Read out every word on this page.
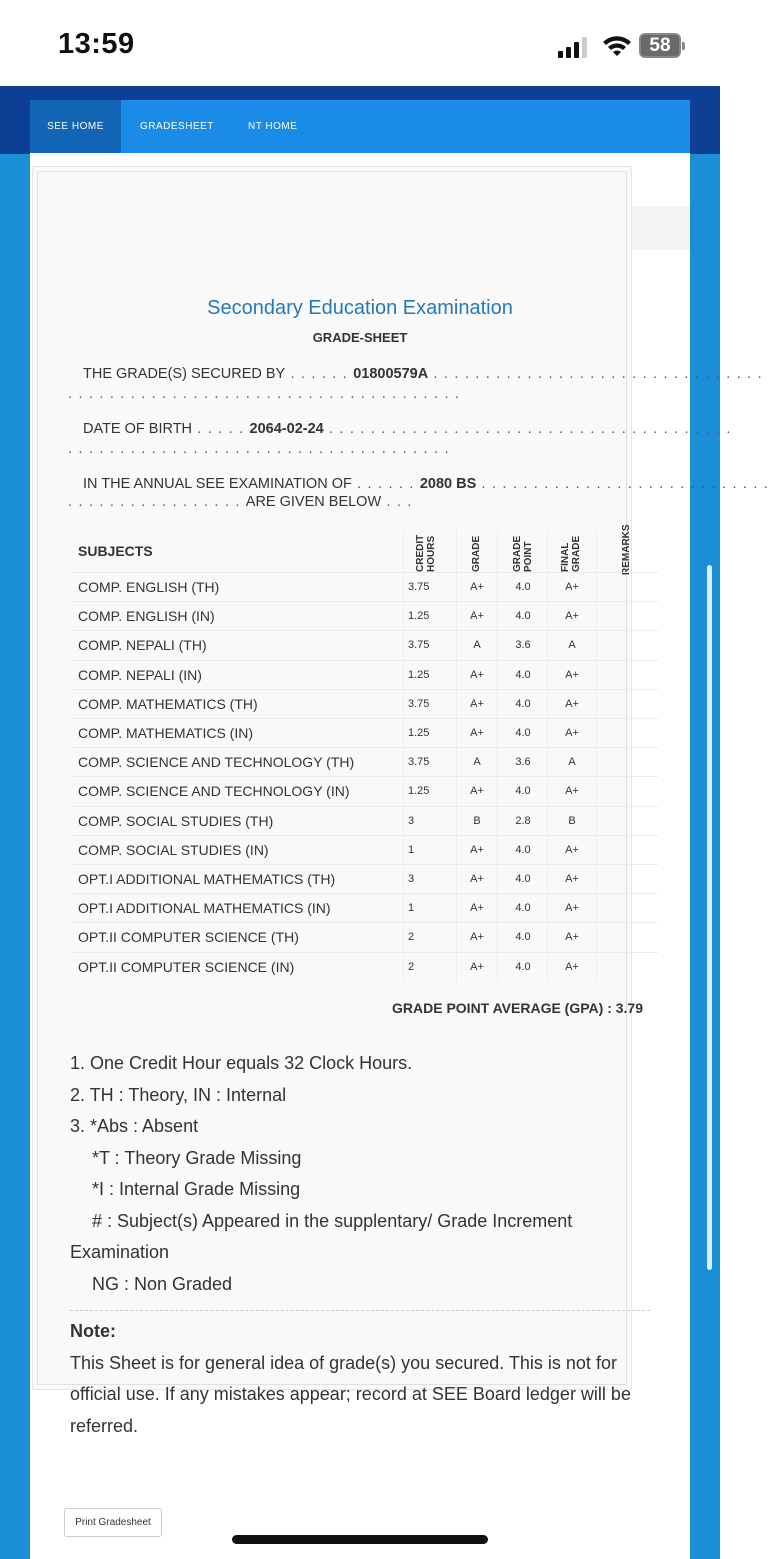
13:59	58
SEE HOME	GRADESHEET	NT HOME
Secondary Education Examination
GRADE-SHEET
THE GRADE(S) SECURED BY . . . . . . 01800579A . . . . . . . . . . . . . . . . . . . . . . . . . . . . . . . .
. . . . . . . . . . . . . . . . . . . . . . . . . . . . . . . . . . . . . .
DATE OF BIRTH . . . . . 2064-02-24 . . . . . . . . . . . . . . . . . . . . . . . . . . . . . . . . . . . . . . .
. . . . . . . . . . . . . . . . . . . . . . . . . . . . . . . . . . . . .
IN THE ANNUAL SEE EXAMINATION OF . . . . . . 2080 BS . . . . . . . . . . . . . . . . . . . . . . . . . . . .
. . . . . . . . . . . . . . . . . ARE GIVEN BELOW . . .
SUBJECTS	CREDIT HOURS	GRADE	GRADE POINT	FINAL GRADE	REMARKS
COMP. ENGLISH (TH)	3.75	A+	4.0	A+
COMP. ENGLISH (IN)	1.25	A+	4.0	A+
COMP. NEPALI (TH)	3.75	A	3.6	A
COMP. NEPALI (IN)	1.25	A+	4.0	A+
COMP. MATHEMATICS (TH)	3.75	A+	4.0	A+
COMP. MATHEMATICS (IN)	1.25	A+	4.0	A+
COMP. SCIENCE AND TECHNOLOGY (TH)	3.75	A	3.6	A
COMP. SCIENCE AND TECHNOLOGY (IN)	1.25	A+	4.0	A+
COMP. SOCIAL STUDIES (TH)	3	B	2.8	B
COMP. SOCIAL STUDIES (IN)	1	A+	4.0	A+
OPT.I ADDITIONAL MATHEMATICS (TH)	3	A+	4.0	A+
OPT.I ADDITIONAL MATHEMATICS (IN)	1	A+	4.0	A+
OPT.II COMPUTER SCIENCE (TH)	2	A+	4.0	A+
OPT.II COMPUTER SCIENCE (IN)	2	A+	4.0	A+
GRADE POINT AVERAGE (GPA) : 3.79
1. One Credit Hour equals 32 Clock Hours.
2. TH : Theory, IN : Internal
3. *Abs : Absent
*T : Theory Grade Missing
*I : Internal Grade Missing
# : Subject(s) Appeared in the supplentary/ Grade Increment
Examination
NG : Non Graded
Note:
This Sheet is for general idea of grade(s) you secured. This is not for official use. If any mistakes appear; record at SEE Board ledger will be referred.
Print Gradesheet
